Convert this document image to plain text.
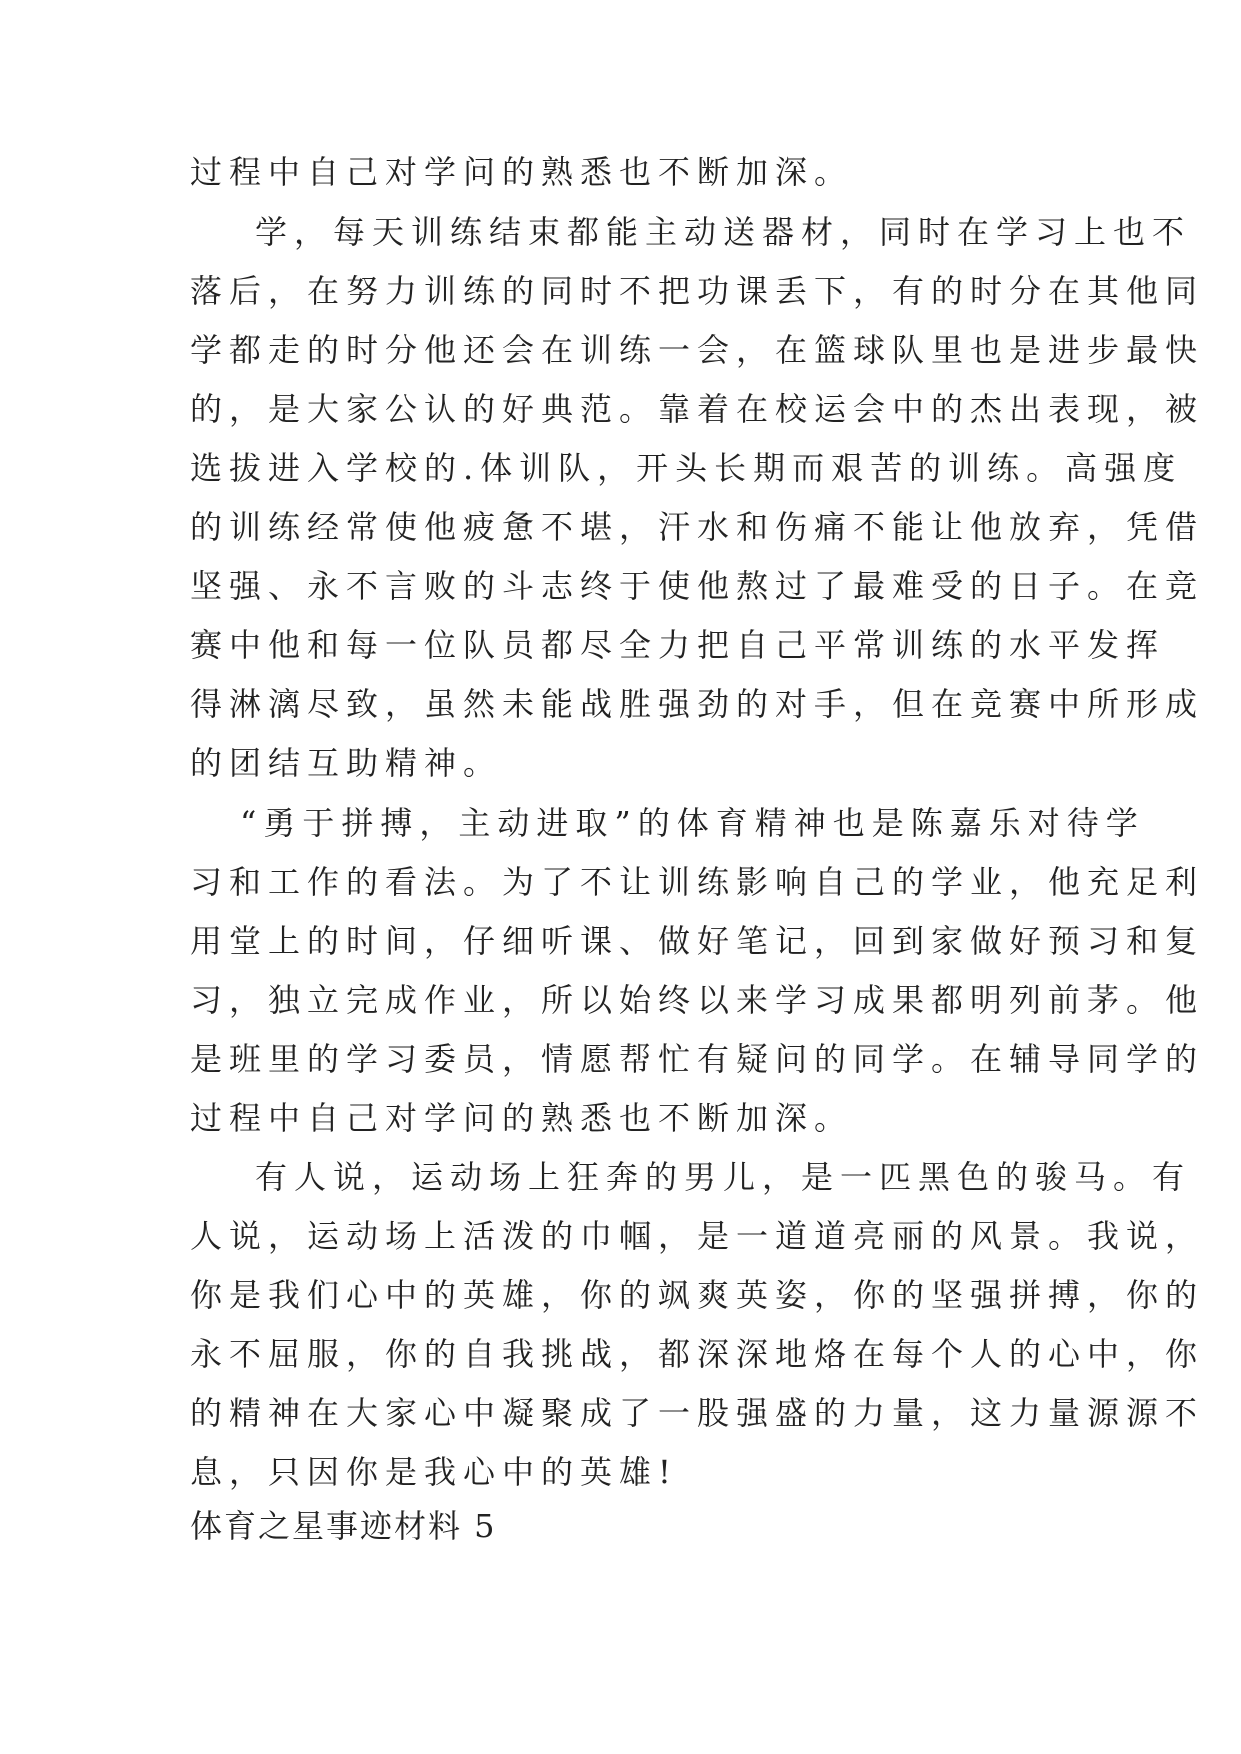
过程中自己对学问的熟悉也不断加深。
学，每天训练结束都能主动送器材，同时在学习上也不
落后，在努力训练的同时不把功课丢下，有的时分在其他同
学都走的时分他还会在训练一会，在篮球队里也是进步最快
的，是大家公认的好典范。靠着在校运会中的杰出表现，被
选拔进入学校的.体训队，开头长期而艰苦的训练。高强度
的训练经常使他疲惫不堪，汗水和伤痛不能让他放弃，凭借
坚强、永不言败的斗志终于使他熬过了最难受的日子。在竞
赛中他和每一位队员都尽全力把自己平常训练的水平发挥
得淋漓尽致，虽然未能战胜强劲的对手，但在竞赛中所形成
的团结互助精神。
“勇于拼搏，主动进取”的体育精神也是陈嘉乐对待学
习和工作的看法。为了不让训练影响自己的学业，他充足利
用堂上的时间，仔细听课、做好笔记，回到家做好预习和复
习，独立完成作业，所以始终以来学习成果都明列前茅。他
是班里的学习委员，情愿帮忙有疑问的同学。在辅导同学的
过程中自己对学问的熟悉也不断加深。
有人说，运动场上狂奔的男儿，是一匹黑色的骏马。有
人说，运动场上活泼的巾帼，是一道道亮丽的风景。我说，
你是我们心中的英雄，你的飒爽英姿，你的坚强拼搏，你的
永不屈服，你的自我挑战，都深深地烙在每个人的心中，你
的精神在大家心中凝聚成了一股强盛的力量，这力量源源不
息，只因你是我心中的英雄!
体育之星事迹材料 5
